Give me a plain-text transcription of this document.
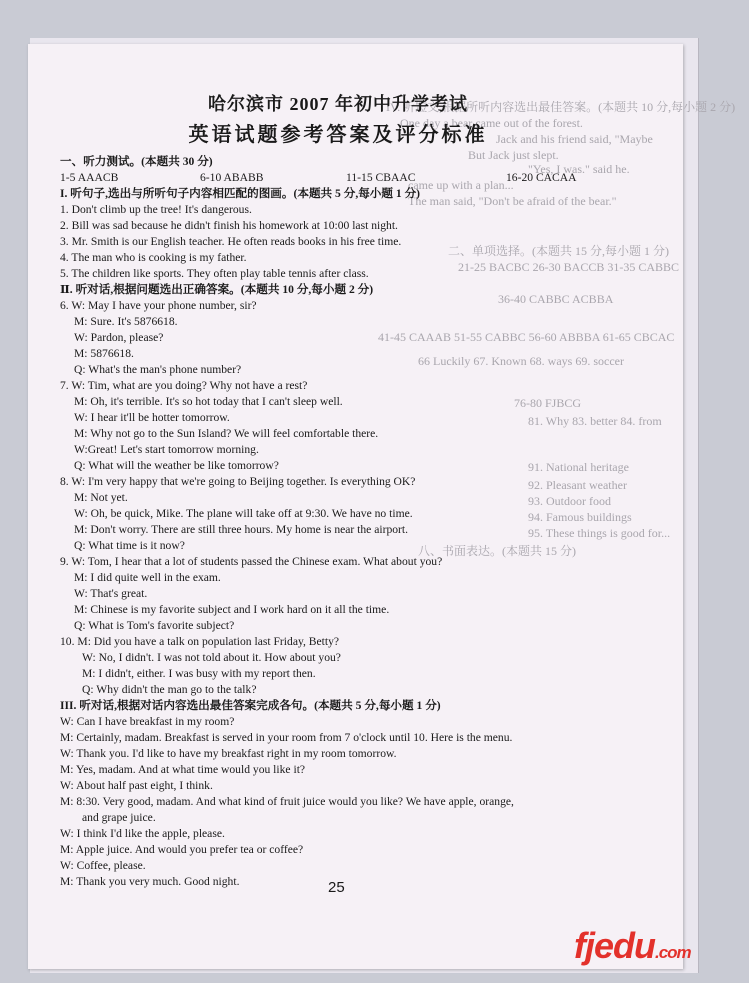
IV. 听短文,根据所听内容选出最佳答案。(本题共 10 分,每小题 2 分)
One day a bear came out of the forest.
Jack and his friend said, "Maybe
But Jack just slept.
"Yes, I was." said he.
came up with a plan...
The man said, "Don't be afraid of the bear."
二、单项选择。(本题共 15 分,每小题 1 分)
21-25 BACBC 26-30 BACCB 31-35 CABBC
36-40 CABBC ACBBA
41-45 CAAAB 51-55 CABBC 56-60 ABBBA 61-65 CBCAC
66 Luckily 67. Known 68. ways 69. soccer
76-80 FJBCG
81. Why 83. better 84. from
91. National heritage
92. Pleasant weather
93. Outdoor food
94. Famous buildings
95. These things is good for...
八、书面表达。(本题共 15 分)
哈尔滨市 2007 年初中升学考试
英语试题参考答案及评分标准
一、听力测试。(本题共 30 分)
1-5 AAACB	6-10 ABABB	11-15 CBAAC	16-20 CACAA
I. 听句子,选出与所听句子内容相匹配的图画。(本题共 5 分,每小题 1 分)
1. Don't climb up the tree! It's dangerous.
2. Bill was sad because he didn't finish his homework at 10:00 last night.
3. Mr. Smith is our English teacher. He often reads books in his free time.
4. The man who is cooking is my father.
5. The children like sports. They often play table tennis after class.
Ⅱ. 听对话,根据问题选出正确答案。(本题共 10 分,每小题 2 分)
6. W: May I have your phone number, sir?
M: Sure. It's 5876618.
W: Pardon, please?
M: 5876618.
Q: What's the man's phone number?
7. W: Tim, what are you doing? Why not have a rest?
M: Oh, it's terrible. It's so hot today that I can't sleep well.
W: I hear it'll be hotter tomorrow.
M: Why not go to the Sun Island? We will feel comfortable there.
W:Great! Let's start tomorrow morning.
Q: What will the weather be like tomorrow?
8. W: I'm very happy that we're going to Beijing together. Is everything OK?
M: Not yet.
W: Oh, be quick, Mike. The plane will take off at 9:30. We have no time.
M: Don't worry. There are still three hours. My home is near the airport.
Q: What time is it now?
9. W: Tom, I hear that a lot of students passed the Chinese exam. What about you?
M: I did quite well in the exam.
W: That's great.
M: Chinese is my favorite subject and I work hard on it all the time.
Q: What is Tom's favorite subject?
10. M: Did you have a talk on population last Friday, Betty?
W: No, I didn't. I was not told about it. How about you?
M: I didn't, either. I was busy with my report then.
Q: Why didn't the man go to the talk?
III. 听对话,根据对话内容选出最佳答案完成各句。(本题共 5 分,每小题 1 分)
W: Can I have breakfast in my room?
M: Certainly, madam. Breakfast is served in your room from 7 o'clock until 10. Here is the menu.
W: Thank you. I'd like to have my breakfast right in my room tomorrow.
M: Yes, madam. And at what time would you like it?
W: About half past eight, I think.
M: 8:30. Very good, madam. And what kind of fruit juice would you like? We have apple, orange,
and grape juice.
W: I think I'd like the apple, please.
M: Apple juice. And would you prefer tea or coffee?
W: Coffee, please.
M: Thank you very much. Good night.	25
fjedu.com
